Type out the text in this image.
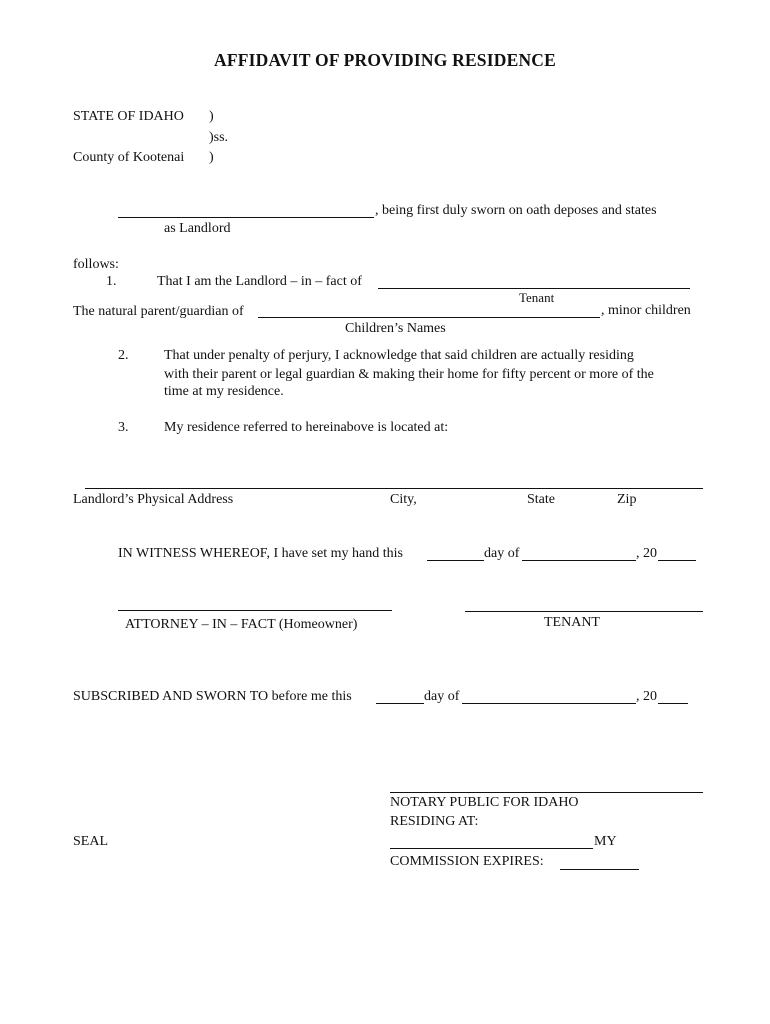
AFFIDAVIT OF PROVIDING RESIDENCE
STATE OF IDAHO )
)ss.
County of Kootenai )
, being first duly sworn on oath deposes and states
as Landlord
follows:
1.	That I am the Landlord – in – fact of
Tenant
The natural parent/guardian of	, minor children
Children’s Names
2.	That under penalty of perjury, I acknowledge that said children are actually residing
with their parent or legal guardian & making their home for fifty percent or more of the
time at my residence.
3.	My residence referred to hereinabove is located at:
Landlord’s Physical Address	City,	State	Zip
IN WITNESS WHEREOF, I have set my hand this	day of	, 20
ATTORNEY – IN – FACT (Homeowner)	TENANT
SUBSCRIBED AND SWORN TO before me this	day of	, 20
NOTARY PUBLIC FOR IDAHO
RESIDING AT:
SEAL	MY
COMMISSION EXPIRES:
